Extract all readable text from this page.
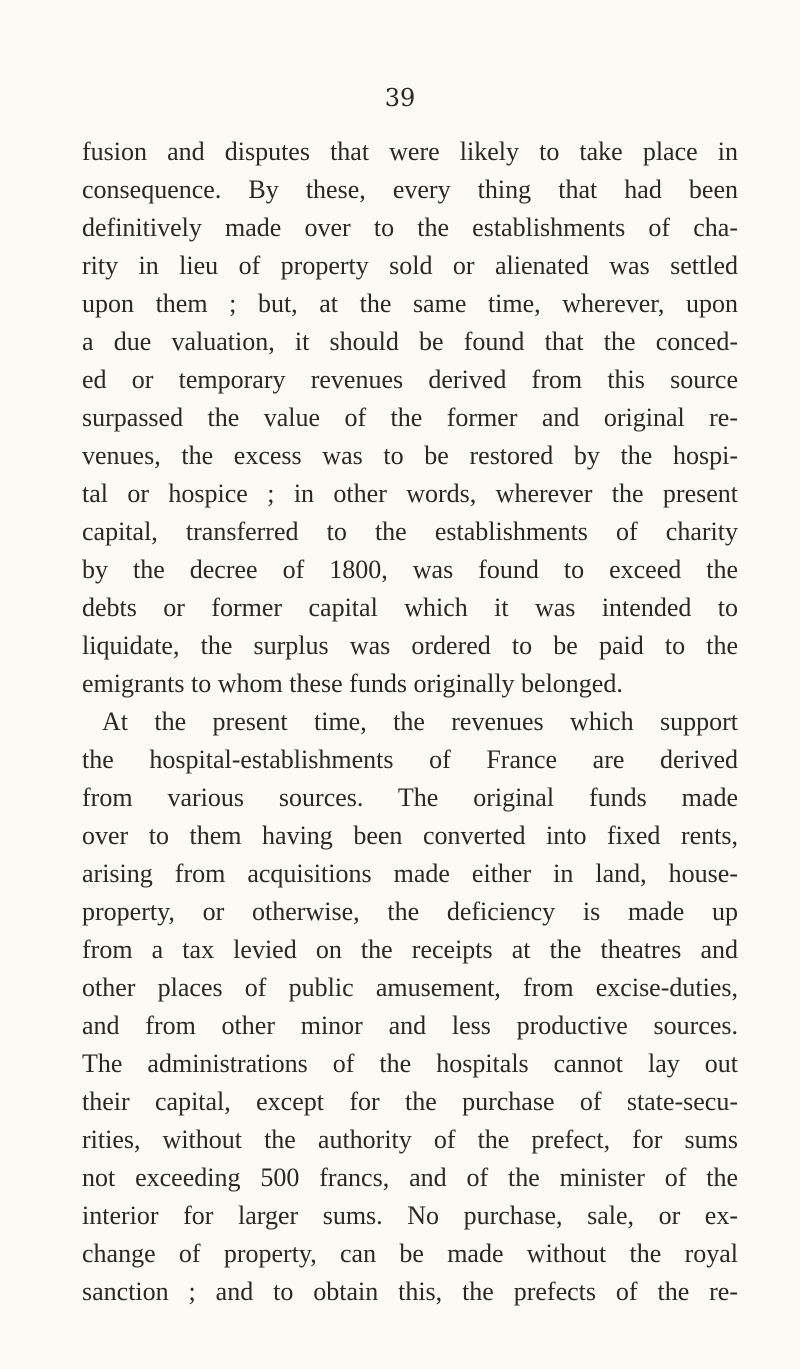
39
fusion and disputes that were likely to take place in
consequence. By these, every thing that had been
definitively made over to the establishments of cha-
rity in lieu of property sold or alienated was settled
upon them ; but, at the same time, wherever, upon
a due valuation, it should be found that the conced-
ed or temporary revenues derived from this source
surpassed the value of the former and original re-
venues, the excess was to be restored by the hospi-
tal or hospice ; in other words, wherever the present
capital, transferred to the establishments of charity
by the decree of 1800, was found to exceed the
debts or former capital which it was intended to
liquidate, the surplus was ordered to be paid to the
emigrants to whom these funds originally belonged.
At the present time, the revenues which support
the hospital-establishments of France are derived
from various sources. The original funds made
over to them having been converted into fixed rents,
arising from acquisitions made either in land, house-
property, or otherwise, the deficiency is made up
from a tax levied on the receipts at the theatres and
other places of public amusement, from excise-duties,
and from other minor and less productive sources.
The administrations of the hospitals cannot lay out
their capital, except for the purchase of state-secu-
rities, without the authority of the prefect, for sums
not exceeding 500 francs, and of the minister of the
interior for larger sums. No purchase, sale, or ex-
change of property, can be made without the royal
sanction ; and to obtain this, the prefects of the re-
